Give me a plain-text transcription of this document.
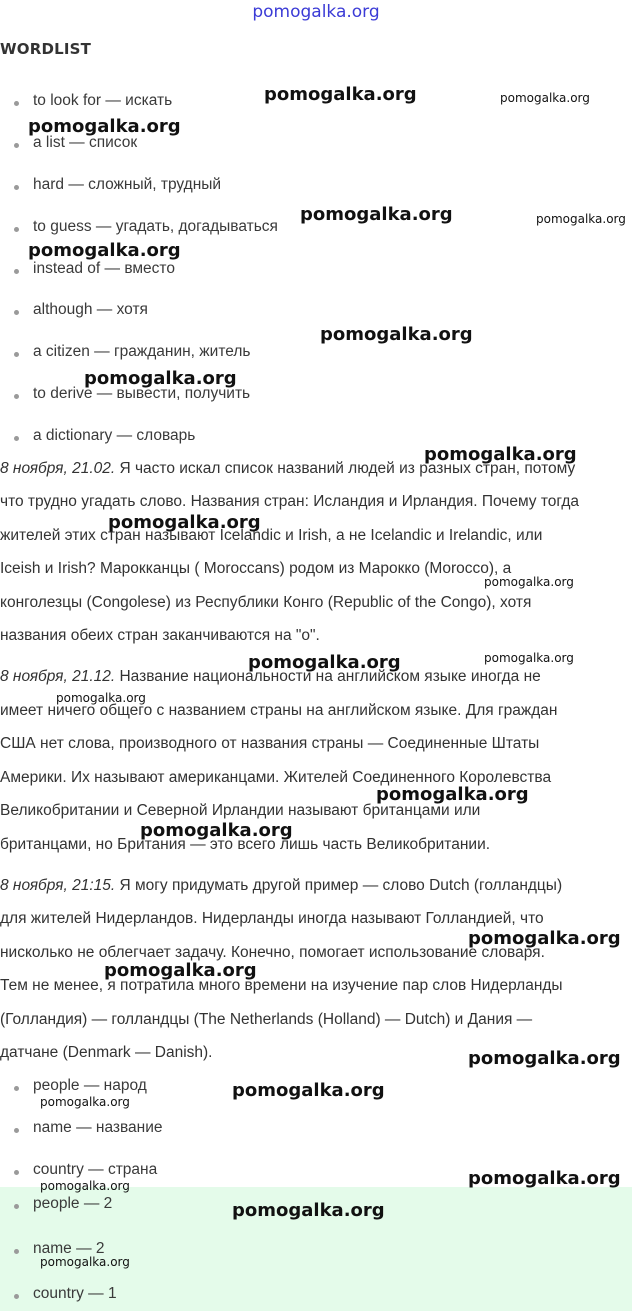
pomogalka.org
WORDLIST
to look for — искать
a list — список
hard — сложный, трудный
to guess — угадать, догадываться
instead of — вместо
although — хотя
a citizen — гражданин, житель
to derive — вывести, получить
a dictionary — словарь
8 ноября, 21.02. Я часто искал список названий людей из разных стран, потому
что трудно угадать слово. Названия стран: Исландия и Ирландия. Почему тогда
жителей этих стран называют Icelandic и Irish, а не Icelandic и Irelandic, или
Iceish и Irish? Марокканцы ( Moroccans) родом из Марокко (Morocco), а
конголезцы (Congolese) из Республики Конго (Republic of the Congo), хотя
названия обеих стран заканчиваются на "o".
8 ноября, 21.12. Название национальности на английском языке иногда не
имеет ничего общего с названием страны на английском языке. Для граждан
США нет слова, производного от названия страны — Соединенные Штаты
Америки. Их называют американцами. Жителей Соединенного Королевства
Великобритании и Северной Ирландии называют британцами или
британцами, но Британия — это всего лишь часть Великобритании.
8 ноября, 21:15. Я могу придумать другой пример — слово Dutch (голландцы)
для жителей Нидерландов. Нидерланды иногда называют Голландией, что
нисколько не облегчает задачу. Конечно, помогает использование словаря.
Тем не менее, я потратила много времени на изучение пар слов Нидерланды
(Голландия) — голландцы (The Netherlands (Holland) — Dutch) и Дания —
датчане (Denmark — Danish).
people — народ
name — название
country — страна
people — 2
name — 2
country — 1
pomogalka.org	pomogalka.org
pomogalka.org
pomogalka.org	pomogalka.org
pomogalka.org
pomogalka.org
pomogalka.org
pomogalka.org
pomogalka.org
pomogalka.org
pomogalka.org	pomogalka.org
pomogalka.org
pomogalka.org
pomogalka.org
pomogalka.org
pomogalka.org
pomogalka.org
pomogalka.org
pomogalka.org
pomogalka.org	pomogalka.org
pomogalka.org
pomogalka.org
